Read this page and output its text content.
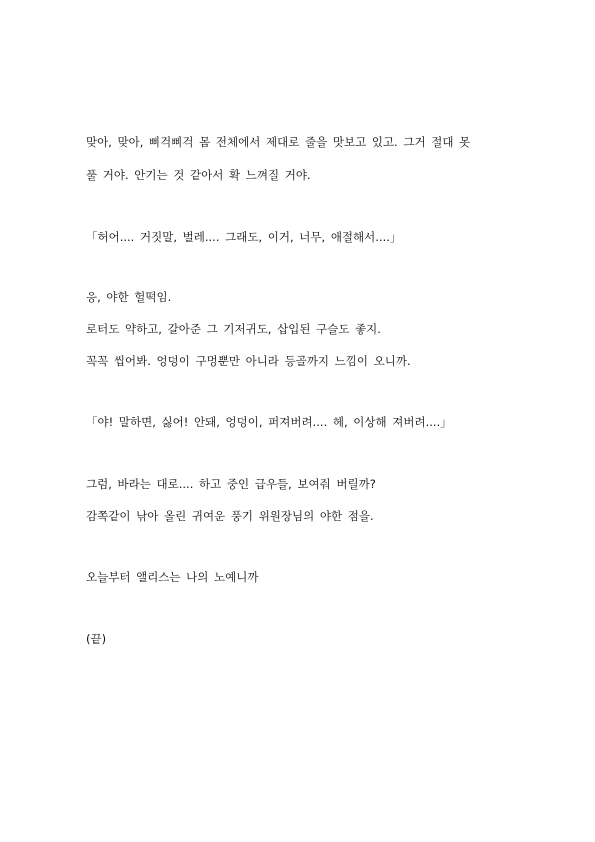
맞아, 맞아, 삐걱삐걱 몸 전체에서 제대로 줄을 맛보고 있고. 그거 절대 못
풀 거야. 안기는 것 같아서 확 느껴질 거야.
「허어.... 거짓말, 벌레.... 그래도, 이거, 너무, 애절해서....」
응, 야한 헐떡임.
로터도 약하고, 갈아준 그 기저귀도, 삽입된 구슬도 좋지.
꼭꼭 씹어봐. 엉덩이 구멍뿐만 아니라 등골까지 느낌이 오니까.
「야! 말하면, 싫어! 안돼, 엉덩이, 퍼져버려.... 헤, 이상해 져버려....」
그럼, 바라는 대로.... 하고 중인 급우들, 보여줘 버릴까?
감쪽같이 낚아 올린 귀여운 풍기 위원장님의 야한 점을.
오늘부터 앨리스는 나의 노예니까
(끝)
